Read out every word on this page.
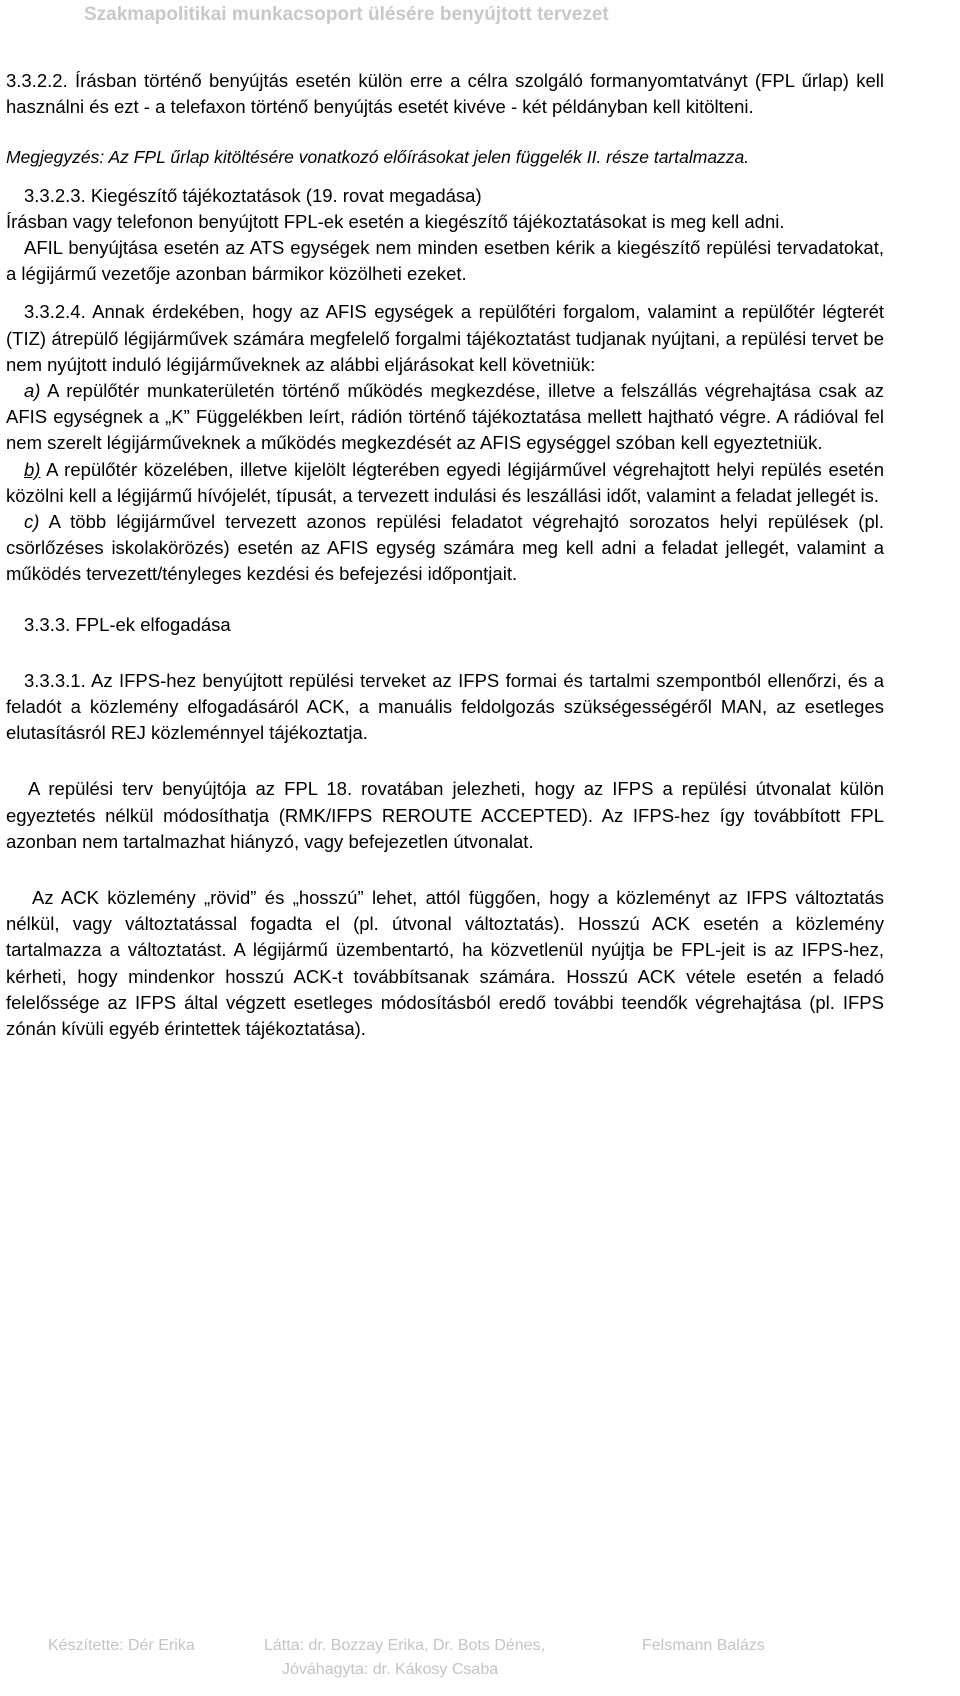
Szakmapolitikai munkacsoport ülésére benyújtott tervezet

3.3.2.2. Írásban történő benyújtás esetén külön erre a célra szolgáló formanyomtatványt (FPL űrlap) kell használni és ezt - a telefaxon történő benyújtás esetét kivéve - két példányban kell kitölteni.

Megjegyzés: Az FPL űrlap kitöltésére vonatkozó előírásokat jelen függelék II. része tartalmazza.

3.3.2.3. Kiegészítő tájékoztatások (19. rovat megadása)

Írásban vagy telefonon benyújtott FPL-ek esetén a kiegészítő tájékoztatásokat is meg kell adni.

AFIL benyújtása esetén az ATS egységek nem minden esetben kérik a kiegészítő repülési tervadatokat, a légijármű vezetője azonban bármikor közölheti ezeket.

3.3.2.4. Annak érdekében, hogy az AFIS egységek a repülőtéri forgalom, valamint a repülőtér légterét (TIZ) átrepülő légijárművek számára megfelelő forgalmi tájékoztatást tudjanak nyújtani, a repülési tervet be nem nyújtott induló légijárműveknek az alábbi eljárásokat kell követniük:

a) A repülőtér munkaterületén történő működés megkezdése, illetve a felszállás végrehajtása csak az AFIS egységnek a „K” Függelékben leírt, rádión történő tájékoztatása mellett hajtható végre. A rádióval fel nem szerelt légijárműveknek a működés megkezdését az AFIS egységgel szóban kell egyeztetniük.

b) A repülőtér közelében, illetve kijelölt légterében egyedi légijárművel végrehajtott helyi repülés esetén közölni kell a légijármű hívójelét, típusát, a tervezett indulási és leszállási időt, valamint a feladat jellegét is.

c) A több légijárművel tervezett azonos repülési feladatot végrehajtó sorozatos helyi repülések (pl. csörlőzéses iskolakörözés) esetén az AFIS egység számára meg kell adni a feladat jellegét, valamint a működés tervezett/tényleges kezdési és befejezési időpontjait.

3.3.3. FPL-ek elfogadása

3.3.3.1. Az IFPS-hez benyújtott repülési terveket az IFPS formai és tartalmi szempontból ellenőrzi, és a feladót a közlemény elfogadásáról ACK, a manuális feldolgozás szükségességéről MAN, az esetleges elutasításról REJ közleménnyel tájékoztatja.

A repülési terv benyújtója az FPL 18. rovatában jelezheti, hogy az IFPS a repülési útvonalat külön egyeztetés nélkül módosíthatja (RMK/IFPS REROUTE ACCEPTED). Az IFPS-hez így továbbított FPL azonban nem tartalmazhat hiányzó, vagy befejezetlen útvonalat.

Az ACK közlemény „rövid” és „hosszú” lehet, attól függően, hogy a közleményt az IFPS változtatás nélkül, vagy változtatással fogadta el (pl. útvonal változtatás). Hosszú ACK esetén a közlemény tartalmazza a változtatást. A légijármű üzembentartó, ha közvetlenül nyújtja be FPL-jeit is az IFPS-hez, kérheti, hogy mindenkor hosszú ACK-t továbbítsanak számára. Hosszú ACK vétele esetén a feladó felelőssége az IFPS által végzett esetleges módosításból eredő további teendők végrehajtása (pl. IFPS zónán kívüli egyéb érintettek tájékoztatása).

Készítette: Dér Erika	Látta: dr. Bozzay Erika, Dr. Bots Dénes,	Felsmann Balázs
Jóváhagyta: dr. Kákosy Csaba
